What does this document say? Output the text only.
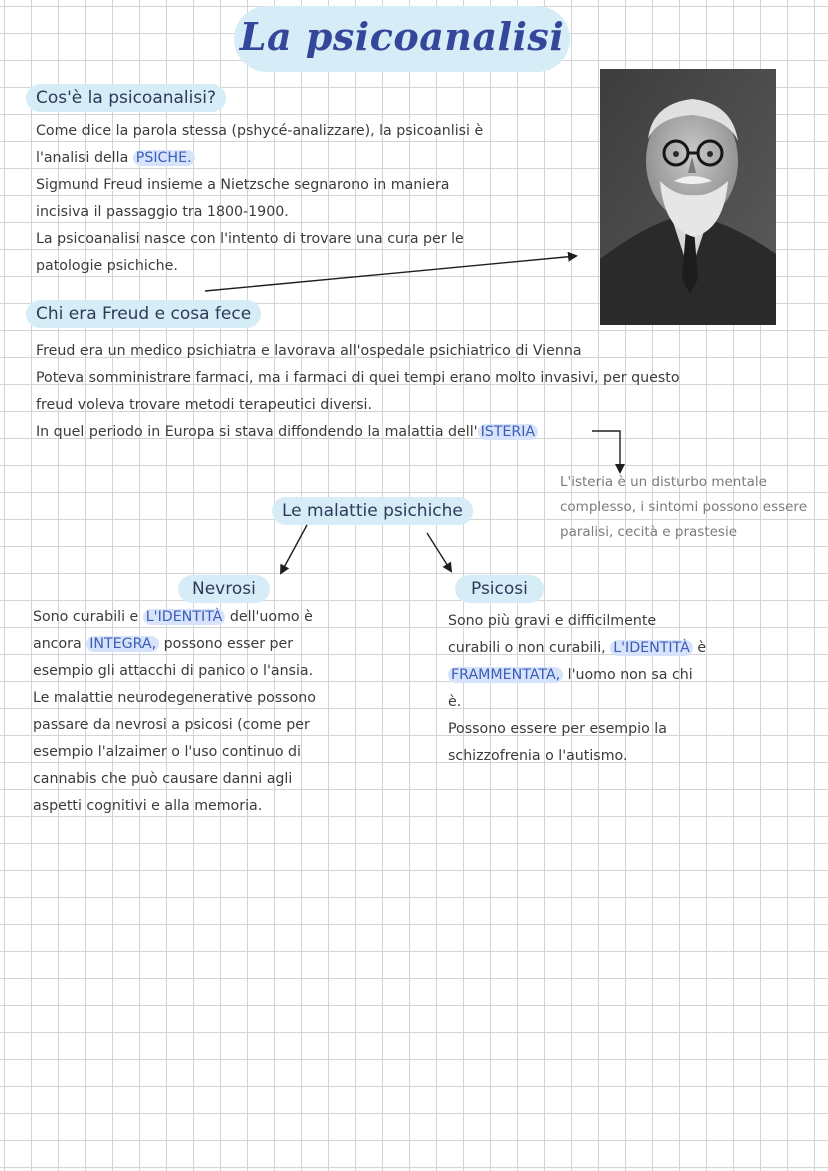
La psicoanalisi
Cos'è la psicoanalisi?
Come dice la parola stessa (pshycé-analizzare), la psicoanlisi è
l'analisi della PSICHE.
Sigmund Freud insieme a Nietzsche segnarono in maniera
incisiva il passaggio tra 1800-1900.
La psicoanalisi nasce con l'intento di trovare una cura per le
patologie psichiche.
Chi era Freud e cosa fece
Freud era un medico psichiatra e lavorava all'ospedale psichiatrico di Vienna
Poteva somministrare farmaci, ma i farmaci di quei tempi erano molto invasivi, per questo
freud voleva trovare metodi terapeutici diversi.
In quel periodo in Europa si stava diffondendo la malattia dell' ISTERIA
L'isteria è un disturbo mentale
complesso, i sintomi possono essere
paralisi, cecità e prastesie
Le malattie psichiche
Nevrosi
Sono curabili e L'IDENTITÀ dell'uomo è
ancora INTEGRA, possono esser per
esempio gli attacchi di panico o l'ansia.
Le malattie neurodegenerative possono
passare da nevrosi a psicosi (come per
esempio l'alzaimer o l'uso continuo di
cannabis che può causare danni agli
aspetti cognitivi e alla memoria.
Psicosi
Sono più gravi e difficilmente
curabili o non curabili, L'IDENTITÀ è
FRAMMENTATA, l'uomo non sa chi
è.
Possono essere per esempio la
schizzofrenia o l'autismo.
